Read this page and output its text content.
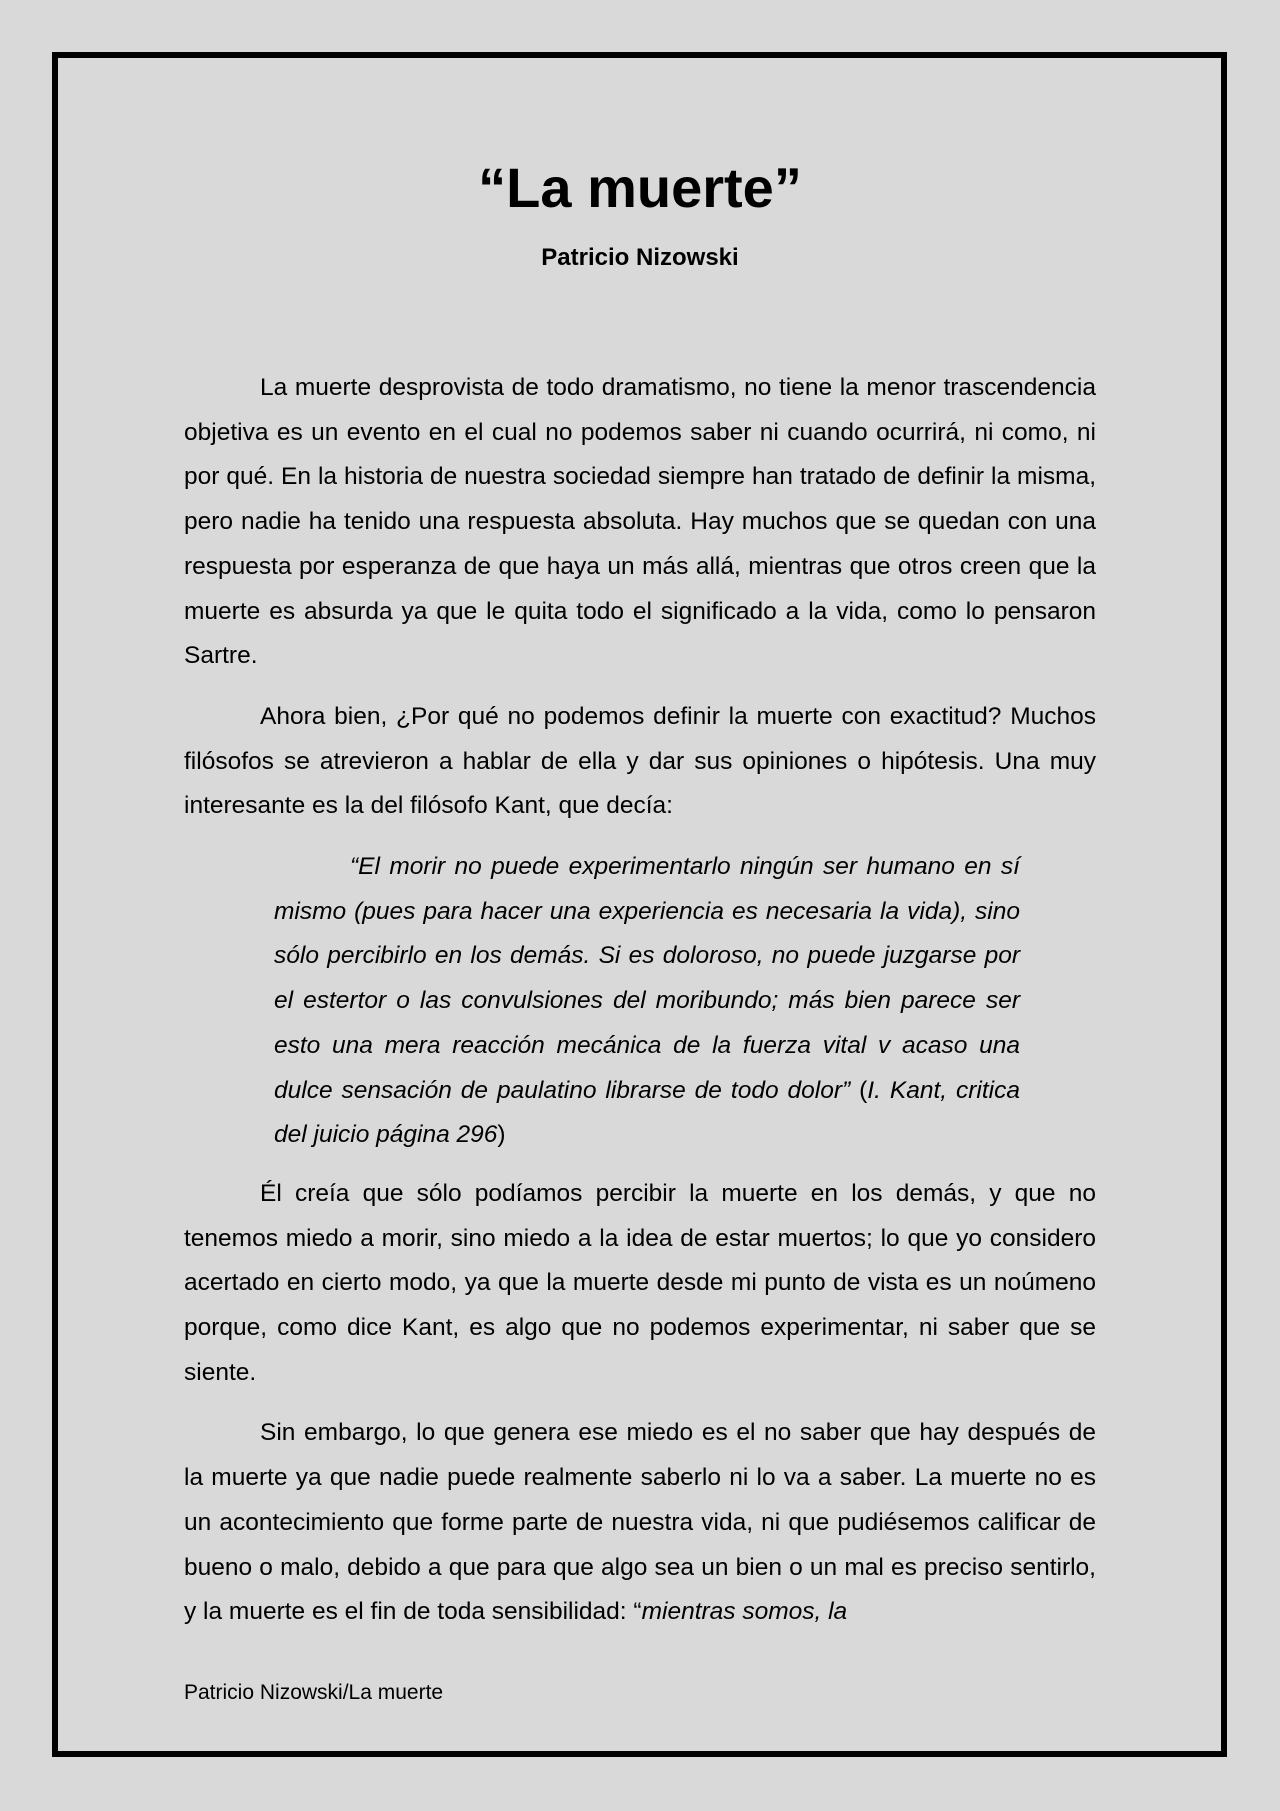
“La muerte”
Patricio Nizowski

La muerte desprovista de todo dramatismo, no tiene la menor trascendencia objetiva es un evento en el cual no podemos saber ni cuando ocurrirá, ni como, ni por qué. En la historia de nuestra sociedad siempre han tratado de definir la misma, pero nadie ha tenido una respuesta absoluta. Hay muchos que se quedan con una respuesta por esperanza de que haya un más allá, mientras que otros creen que la muerte es absurda ya que le quita todo el significado a la vida, como lo pensaron Sartre.

Ahora bien, ¿Por qué no podemos definir la muerte con exactitud? Muchos filósofos se atrevieron a hablar de ella y dar sus opiniones o hipótesis. Una muy interesante es la del filósofo Kant, que decía:

“El morir no puede experimentarlo ningún ser humano en sí mismo (pues para hacer una experiencia es necesaria la vida), sino sólo percibirlo en los demás. Si es doloroso, no puede juzgarse por el estertor o las convulsiones del moribundo; más bien parece ser esto una mera reacción mecánica de la fuerza vital v acaso una dulce sensación de paulatino librarse de todo dolor” (I. Kant, critica del juicio página 296)

Él creía que sólo podíamos percibir la muerte en los demás, y que no tenemos miedo a morir, sino miedo a la idea de estar muertos; lo que yo considero acertado en cierto modo, ya que la muerte desde mi punto de vista es un noúmeno porque, como dice Kant, es algo que no podemos experimentar, ni saber que se siente.

Sin embargo, lo que genera ese miedo es el no saber que hay después de la muerte ya que nadie puede realmente saberlo ni lo va a saber. La muerte no es un acontecimiento que forme parte de nuestra vida, ni que pudiésemos calificar de bueno o malo, debido a que para que algo sea un bien o un mal es preciso sentirlo, y la muerte es el fin de toda sensibilidad: “mientras somos, la

Patricio Nizowski/La muerte
